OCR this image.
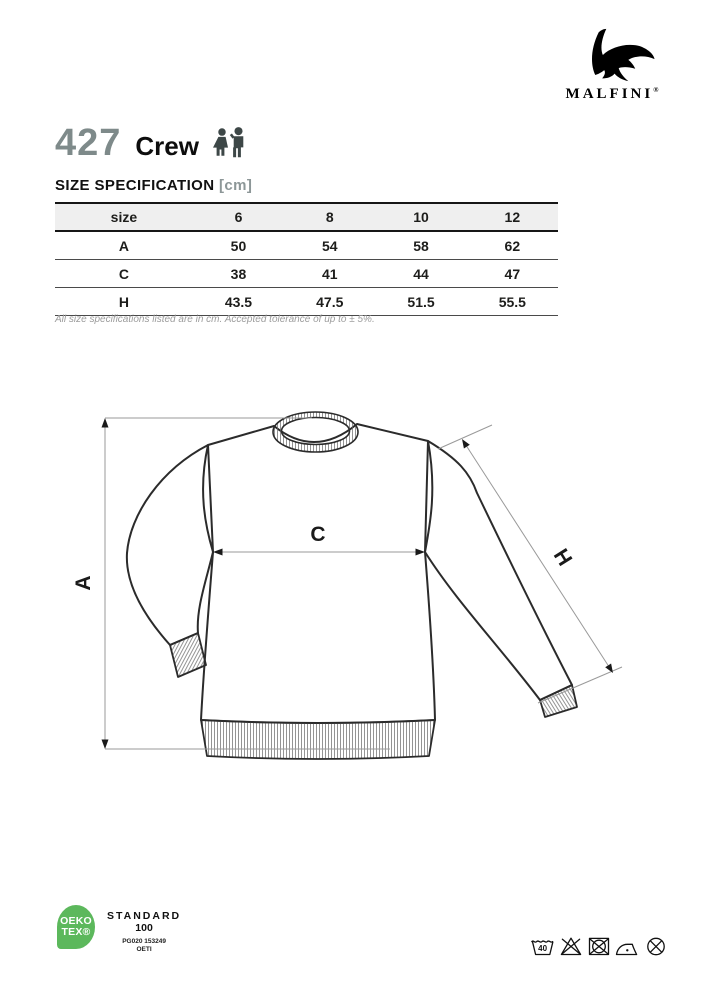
MALFINI®
427 Crew
SIZE SPECIFICATION [cm]
size	6	8	10	12
A	50	54	58	62
C	38	41	44	47
H	43.5	47.5	51.5	55.5
All size specifications listed are in cm. Accepted tolerance of up to ± 5%.
A
C
H
OEKO
TEX®
STANDARD
100
PG020 153249
OETI	40
